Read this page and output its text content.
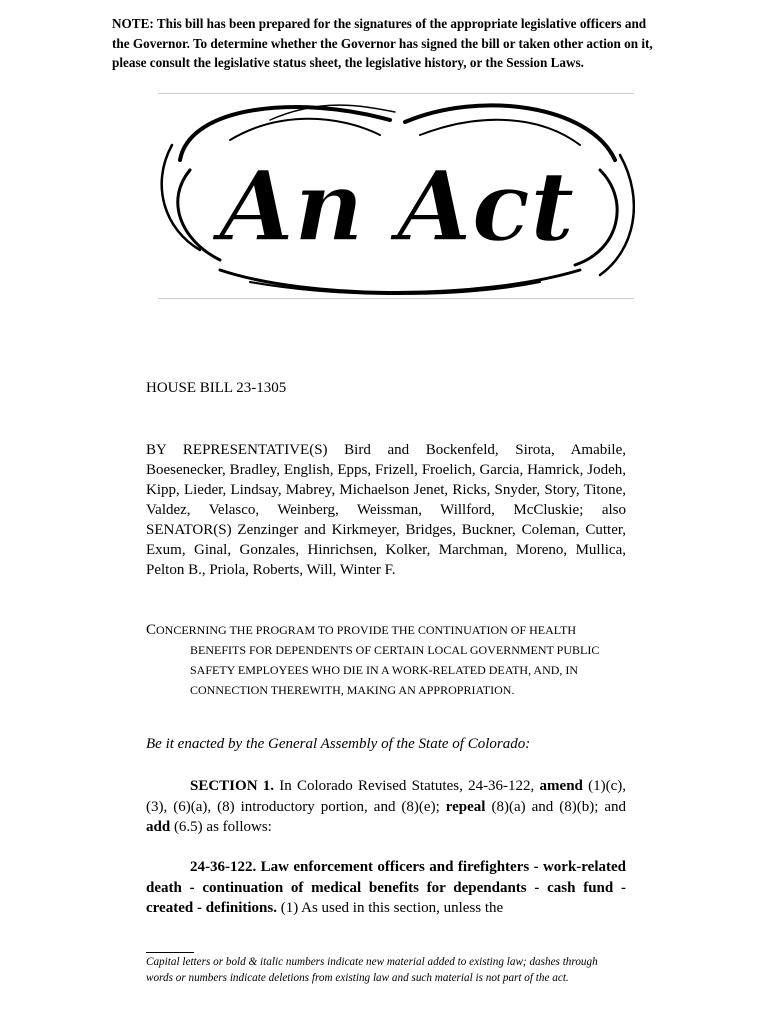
NOTE: This bill has been prepared for the signatures of the appropriate legislative officers and the Governor. To determine whether the Governor has signed the bill or taken other action on it, please consult the legislative status sheet, the legislative history, or the Session Laws.
An Act
HOUSE BILL 23-1305
BY REPRESENTATIVE(S) Bird and Bockenfeld, Sirota, Amabile, Boesenecker, Bradley, English, Epps, Frizell, Froelich, Garcia, Hamrick, Jodeh, Kipp, Lieder, Lindsay, Mabrey, Michaelson Jenet, Ricks, Snyder, Story, Titone, Valdez, Velasco, Weinberg, Weissman, Willford, McCluskie; also SENATOR(S) Zenzinger and Kirkmeyer, Bridges, Buckner, Coleman, Cutter, Exum, Ginal, Gonzales, Hinrichsen, Kolker, Marchman, Moreno, Mullica, Pelton B., Priola, Roberts, Will, Winter F.
CONCERNING THE PROGRAM TO PROVIDE THE CONTINUATION OF HEALTH
BENEFITS FOR DEPENDENTS OF CERTAIN LOCAL GOVERNMENT PUBLIC
SAFETY EMPLOYEES WHO DIE IN A WORK-RELATED DEATH, AND, IN
CONNECTION THEREWITH, MAKING AN APPROPRIATION.
Be it enacted by the General Assembly of the State of Colorado:
SECTION 1. In Colorado Revised Statutes, 24-36-122, amend (1)(c), (3), (6)(a), (8) introductory portion, and (8)(e); repeal (8)(a) and (8)(b); and add (6.5) as follows:
24-36-122. Law enforcement officers and firefighters - work-related death - continuation of medical benefits for dependants - cash fund - created - definitions. (1) As used in this section, unless the
Capital letters or bold & italic numbers indicate new material added to existing law; dashes through words or numbers indicate deletions from existing law and such material is not part of the act.
